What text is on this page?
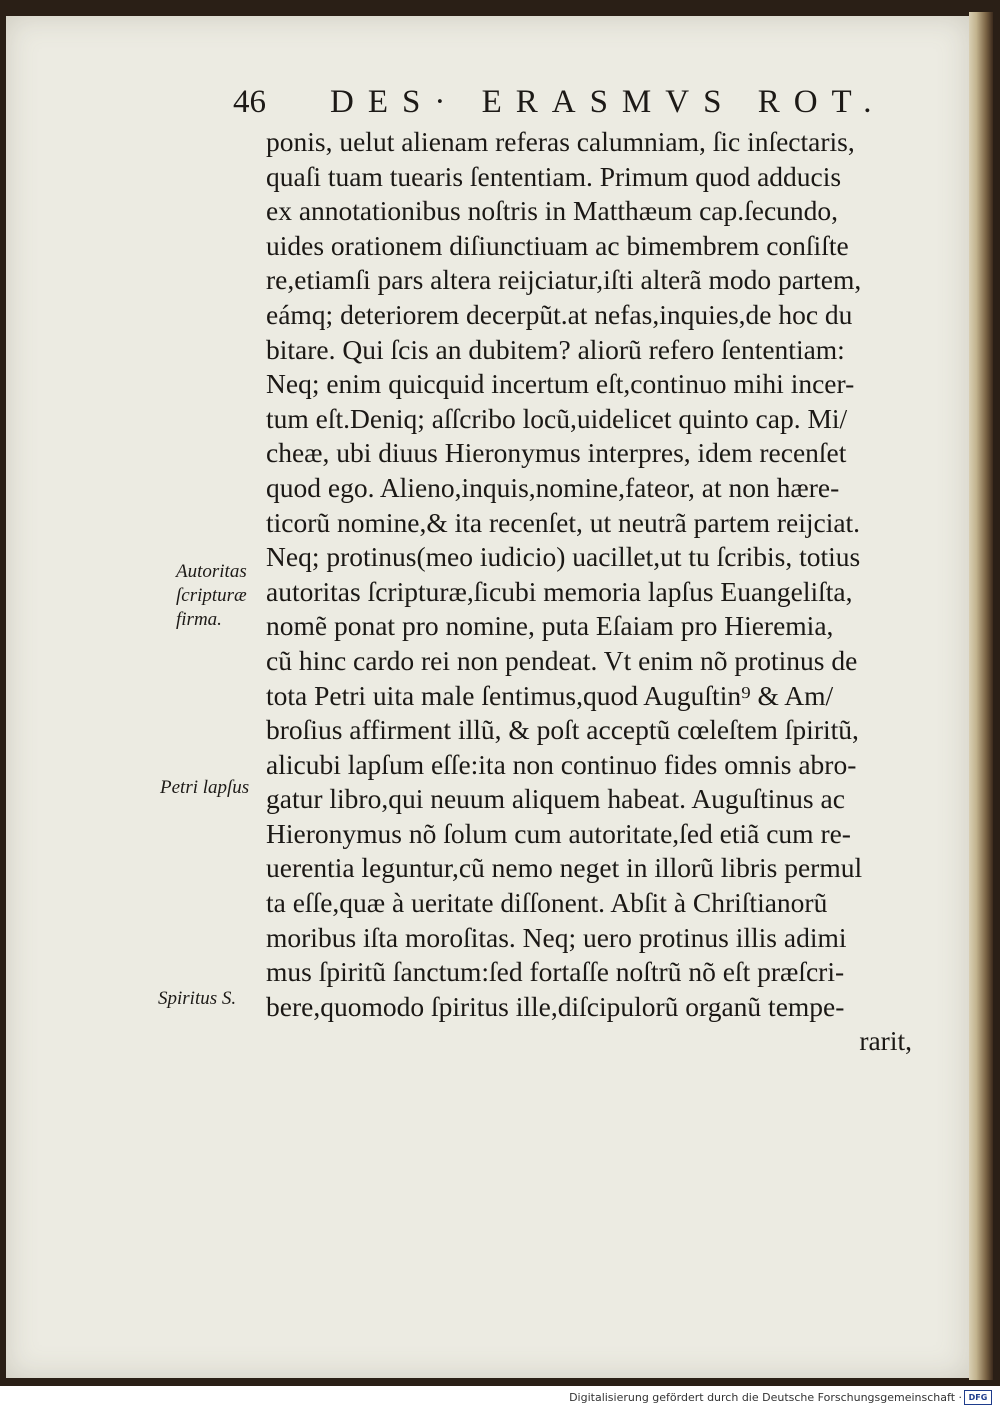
46 DES· ERASMVS ROT.
ponis, uelut alienam referas calumniam, ſic inſectaris,
quaſi tuam tuearis ſententiam. Primum quod adducis
ex annotationibus noſtris in Matthæum cap.ſecundo,
uides orationem diſiunctiuam ac bimembrem conſiſte
re,etiamſi pars altera reijciatur,iſti alterã modo partem,
eámq; deteriorem decerpũt.at nefas,inquies,de hoc du
bitare. Qui ſcis an dubitem? aliorũ refero ſententiam:
Neq; enim quicquid incertum eſt,continuo mihi incer-
tum eſt.Deniq; aſſcribo locũ,uidelicet quinto cap. Mi/
cheæ, ubi diuus Hieronymus interpres, idem recenſet
quod ego. Alieno,inquis,nomine,fateor, at non hære-
ticorũ nomine,& ita recenſet, ut neutrã partem reijciat.
Neq; protinus(meo iudicio) uacillet,ut tu ſcribis, totius
autoritas ſcripturæ,ſicubi memoria lapſus Euangeliſta,
nomẽ ponat pro nomine, puta Eſaiam pro Hieremia,
cũ hinc cardo rei non pendeat. Vt enim nõ protinus de
tota Petri uita male ſentimus,quod Auguſtin⁹ & Am/
broſius affirment illũ, & poſt acceptũ cœleſtem ſpiritũ,
alicubi lapſum eſſe:ita non continuo fides omnis abro-
gatur libro,qui neuum aliquem habeat. Auguſtinus ac
Hieronymus nõ ſolum cum autoritate,ſed etiã cum re-
uerentia leguntur,cũ nemo neget in illorũ libris permul
ta eſſe,quæ à ueritate diſſonent. Abſit à Chriſtianorũ
moribus iſta moroſitas. Neq; uero protinus illis adimi
mus ſpiritũ ſanctum:ſed fortaſſe noſtrũ nõ eſt præſcri-
bere,quomodo ſpiritus ille,diſcipulorũ organũ tempe-
rarit,
Autoritas ſcripturæ firma.
Petri lapſus
Spiritus S.
Digitalisierung gefördert durch die Deutsche Forschungsgemeinschaft · DFG
